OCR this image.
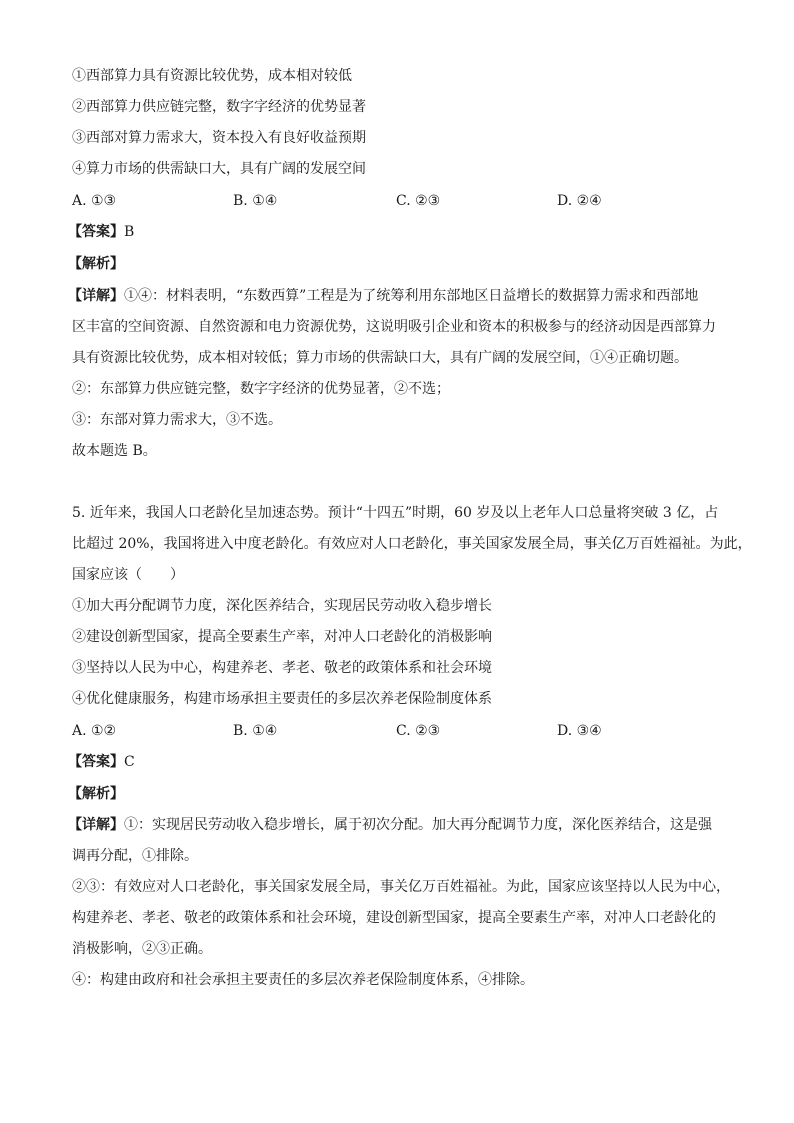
①西部算力具有资源比较优势，成本相对较低
②西部算力供应链完整，数字字经济的优势显著
③西部对算力需求大，资本投入有良好收益预期
④算力市场的供需缺口大，具有广阔的发展空间
A. ①③	B. ①④	C. ②③	D. ②④
【答案】B
【解析】
【详解】①④：材料表明，“东数西算”工程是为了统筹利用东部地区日益增长的数据算力需求和西部地
区丰富的空间资源、自然资源和电力资源优势，这说明吸引企业和资本的积极参与的经济动因是西部算力
具有资源比较优势，成本相对较低；算力市场的供需缺口大，具有广阔的发展空间，①④正确切题。
②：东部算力供应链完整，数字字经济的优势显著，②不选；
③：东部对算力需求大，③不选。
故本题选 B。
5. 近年来，我国人口老龄化呈加速态势。预计“十四五”时期，60 岁及以上老年人口总量将突破 3 亿，占
比超过 20%，我国将进入中度老龄化。有效应对人口老龄化，事关国家发展全局，事关亿万百姓福祉。为此，
国家应该（　　）
①加大再分配调节力度，深化医养结合，实现居民劳动收入稳步增长
②建设创新型国家，提高全要素生产率，对冲人口老龄化的消极影响
③坚持以人民为中心，构建养老、孝老、敬老的政策体系和社会环境
④优化健康服务，构建市场承担主要责任的多层次养老保险制度体系
A. ①②	B. ①④	C. ②③	D. ③④
【答案】C
【解析】
【详解】①：实现居民劳动收入稳步增长，属于初次分配。加大再分配调节力度，深化医养结合，这是强
调再分配，①排除。
②③：有效应对人口老龄化，事关国家发展全局，事关亿万百姓福祉。为此，国家应该坚持以人民为中心，
构建养老、孝老、敬老的政策体系和社会环境，建设创新型国家，提高全要素生产率，对冲人口老龄化的
消极影响，②③正确。
④：构建由政府和社会承担主要责任的多层次养老保险制度体系，④排除。
